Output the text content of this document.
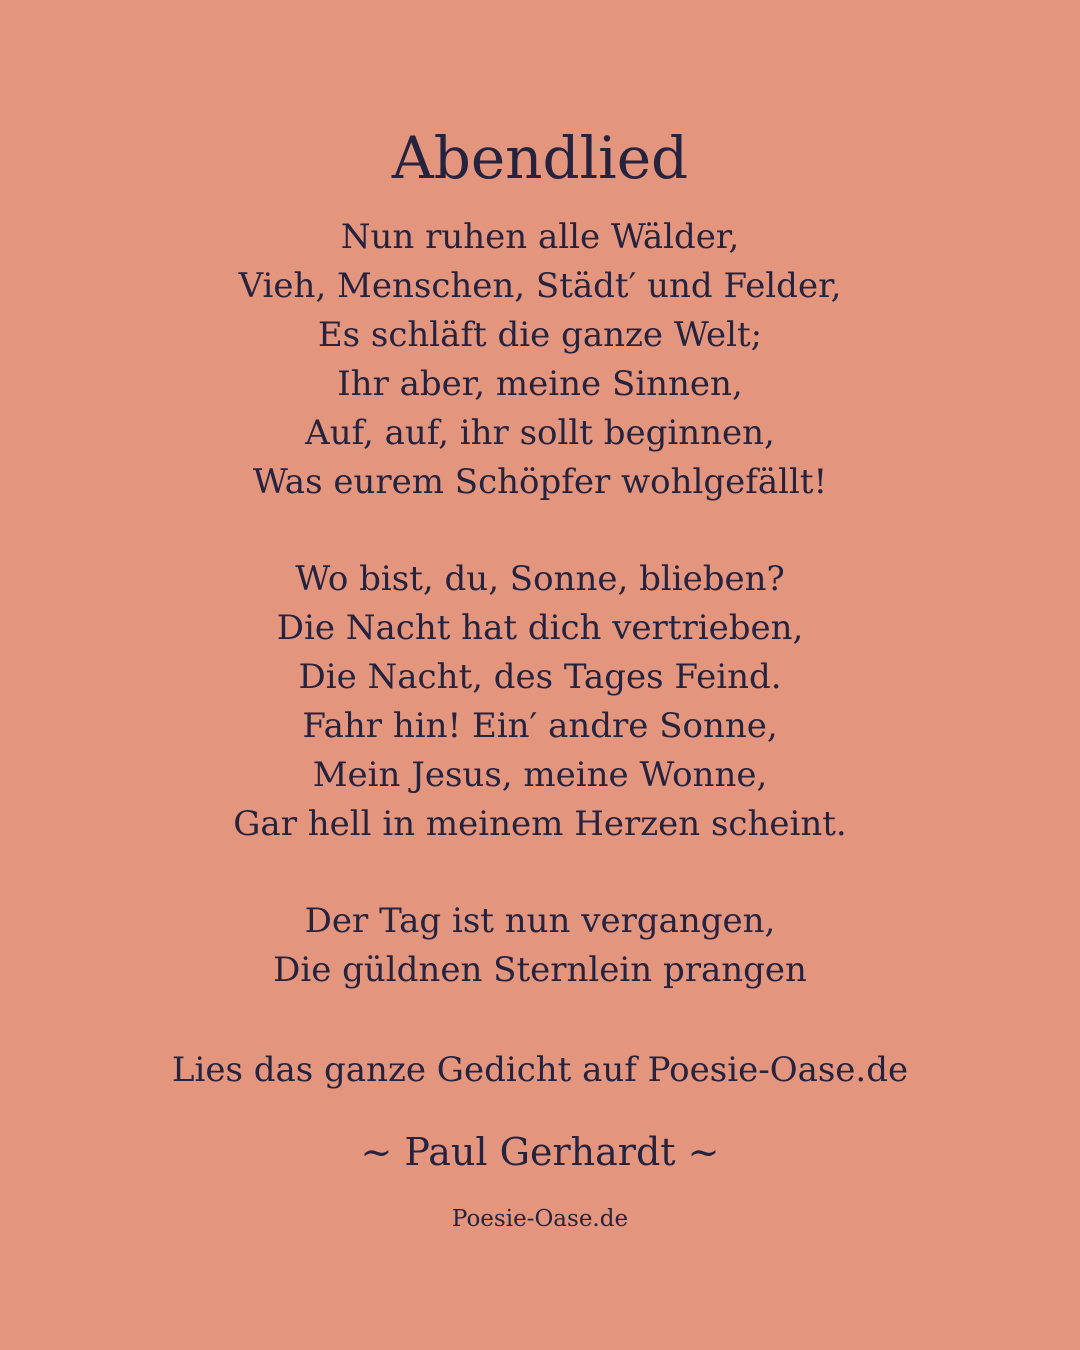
Abendlied
Nun ruhen alle Wälder,
Vieh, Menschen, Städt′ und Felder,
Es schläft die ganze Welt;
Ihr aber, meine Sinnen,
Auf, auf, ihr sollt beginnen,
Was eurem Schöpfer wohlgefällt!
Wo bist, du, Sonne, blieben?
Die Nacht hat dich vertrieben,
Die Nacht, des Tages Feind.
Fahr hin! Ein′ andre Sonne,
Mein Jesus, meine Wonne,
Gar hell in meinem Herzen scheint.
Der Tag ist nun vergangen,
Die güldnen Sternlein prangen
Lies das ganze Gedicht auf Poesie-Oase.de
~ Paul Gerhardt ~
Poesie-Oase.de
